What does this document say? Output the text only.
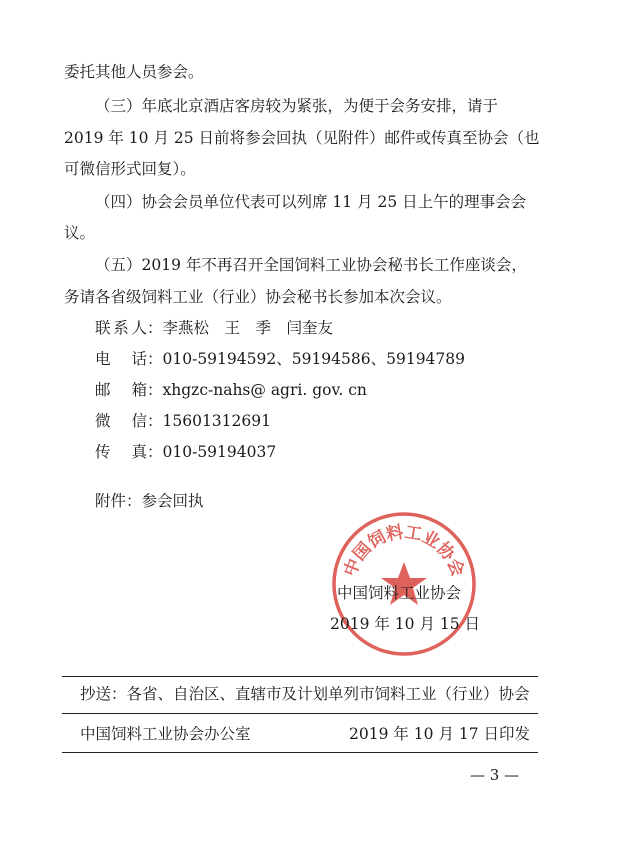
委托其他人员参会。
（三）年底北京酒店客房较为紧张，为便于会务安排，请于
2019 年 10 月 25 日前将参会回执（见附件）邮件或传真至协会（也
可微信形式回复）。
（四）协会会员单位代表可以列席 11 月 25 日上午的理事会会
议。
（五）2019 年不再召开全国饲料工业协会秘书长工作座谈会，
务请各省级饲料工业（行业）协会秘书长参加本次会议。
联系人：李燕松　王　季　闫奎友
电　话：010-59194592、59194586、59194789
邮　箱：xhgzc-nahs@ agri. gov. cn
微　信：15601312691
传　真：010-59194037
附件：参会回执
中国饲料工业协会
中国饲料工业协会
2019 年 10 月 15 日
抄送：各省、自治区、直辖市及计划单列市饲料工业（行业）协会
中国饲料工业协会办公室	2019 年 10 月 17 日印发
— 3 —
